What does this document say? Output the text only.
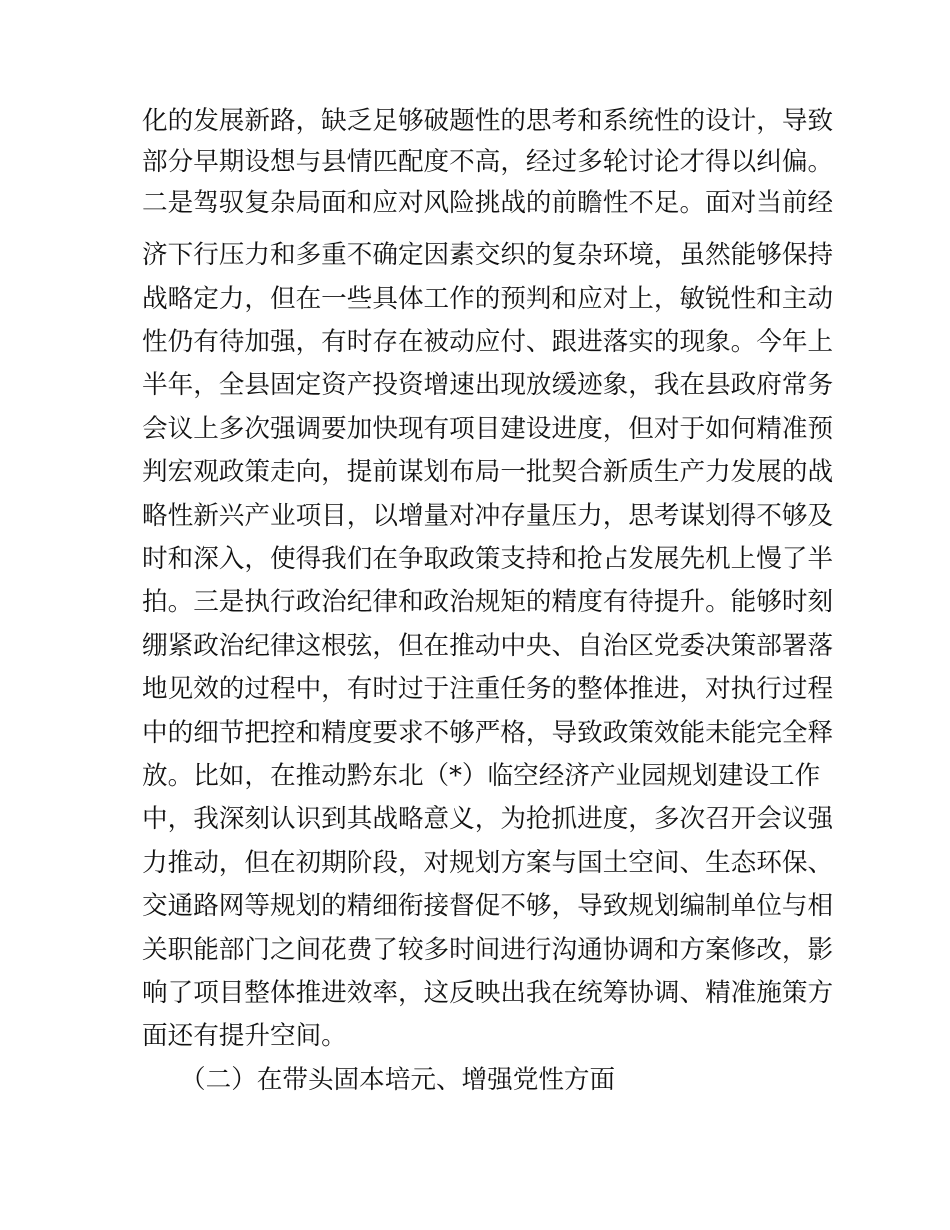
化的发展新路，缺乏足够破题性的思考和系统性的设计，导致
部分早期设想与县情匹配度不高，经过多轮讨论才得以纠偏。
二是驾驭复杂局面和应对风险挑战的前瞻性不足。面对当前经
济下行压力和多重不确定因素交织的复杂环境，虽然能够保持
战略定力，但在一些具体工作的预判和应对上，敏锐性和主动
性仍有待加强，有时存在被动应付、跟进落实的现象。今年上
半年，全县固定资产投资增速出现放缓迹象，我在县政府常务
会议上多次强调要加快现有项目建设进度，但对于如何精准预
判宏观政策走向，提前谋划布局一批契合新质生产力发展的战
略性新兴产业项目，以增量对冲存量压力，思考谋划得不够及
时和深入，使得我们在争取政策支持和抢占发展先机上慢了半
拍。三是执行政治纪律和政治规矩的精度有待提升。能够时刻
绷紧政治纪律这根弦，但在推动中央、自治区党委决策部署落
地见效的过程中，有时过于注重任务的整体推进，对执行过程
中的细节把控和精度要求不够严格，导致政策效能未能完全释
放。比如，在推动黔东北（*）临空经济产业园规划建设工作
中，我深刻认识到其战略意义，为抢抓进度，多次召开会议强
力推动，但在初期阶段，对规划方案与国土空间、生态环保、
交通路网等规划的精细衔接督促不够，导致规划编制单位与相
关职能部门之间花费了较多时间进行沟通协调和方案修改，影
响了项目整体推进效率，这反映出我在统筹协调、精准施策方
面还有提升空间。
（二）在带头固本培元、增强党性方面
